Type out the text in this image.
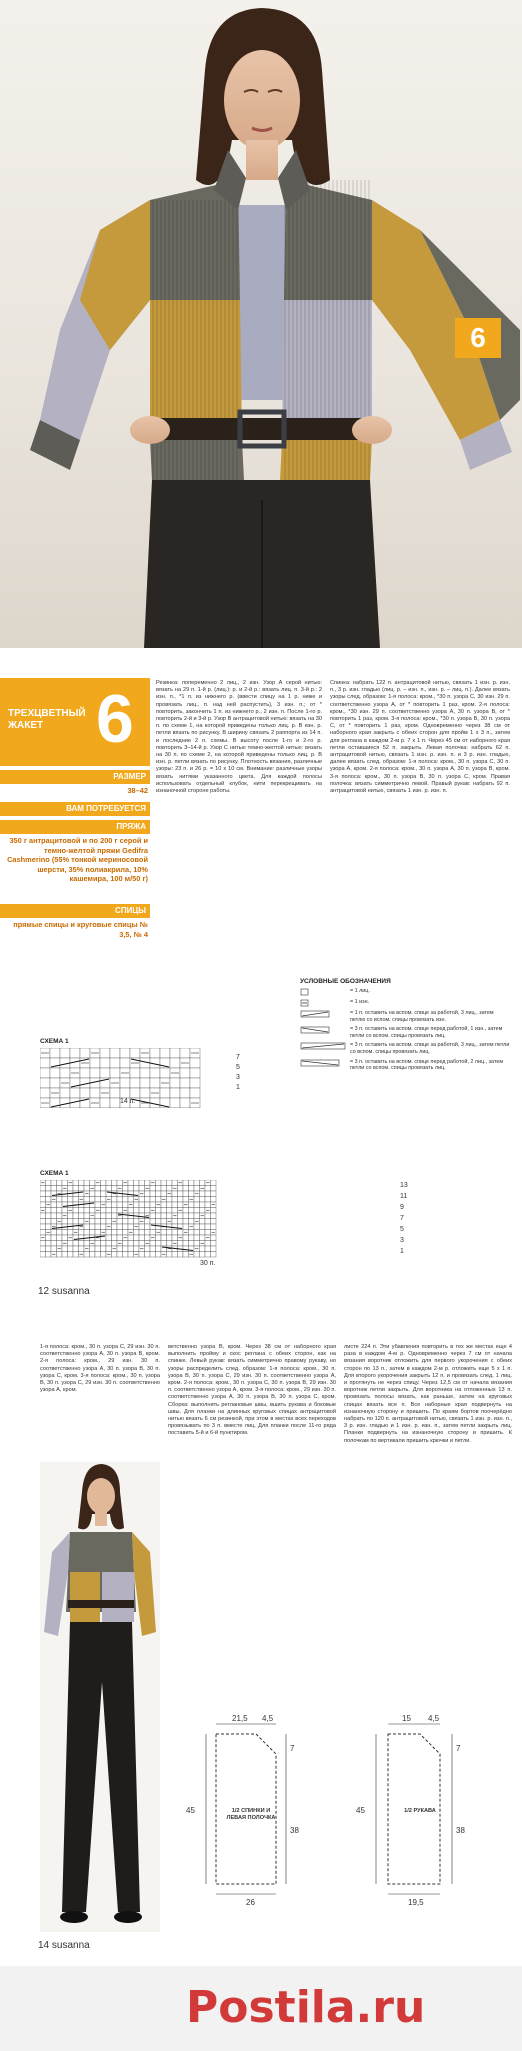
6
ТРЕХЦВЕТНЫЙ ЖАКЕТ 6
РАЗМЕР
38–42
ВАМ ПОТРЕБУЕТСЯ
ПРЯЖА
350 г антрацитовой и по 200 г серой и темно-желтой пряжи Gedifra Cashmerino (55% тонкой мериносовой шерсти, 35% полиакрила, 10% кашемира, 100 м/50 г)
СПИЦЫ
прямые спицы и круговые спицы № 3,5, № 4
Резинка: попеременно 2 лиц., 2 изн. Узор А серой нитью: вязать на 29 п. 1-й р. (лиц.): р. и 2-й р.: вязать лиц. п. 3-й р.: 2 изн. п., *1 п. из нижнего р. (ввести спицу на 1 р. ниже и провязать лиц., п. над ней распустить), 3 изн. п.; от * повторить, закончить 1 п. из нижнего р., 2 изн. п. После 1-го р. повторить 2-й и 3-й р. Узор В антрацитовой нитью: вязать на 30 п. по схеме 1, на которой приведены только лиц. р. В изн. р. петли вязать по рисунку. В ширину связать 2 раппорта из 14 п. и последние 2 п. схемы. В высоту после 1-го и 2-го р. повторить 3–14-й р. Узор С нитью темно-желтой нитью: вязать на 30 п. по схеме 2, на которой приведены только лиц. р. В изн. р. петли вязать по рисунку. Плотность вязания, различные узоры: 23 п. и 26 р. = 10 х 10 см. Внимание: различные узоры вязать нитями указанного цвета. Для каждой полосы использовать отдельный клубок, нити перекрещивать на изнаночной стороне работы.
Спинка: набрать 122 п. антрацитовой нитью, связать 1 изн. р. изн. п., 3 р. изн. гладью (лиц. р. – изн. п., изн. р. – лиц. п.). Далее вязать узоры след. образом: 1-я полоса: кром., *30 п. узора С, 30 изн. 29 п. соответственно узора А, от * повторить 1 раз, кром. 2-я полоса: кром., *30 изн. 29 п. соответственно узора А, 30 п. узора В, от * повторить 1 раз, кром. 3-я полоса: кром., *30 п. узора В, 30 п. узора С, от * повторить 1 раз, кром. Одновременно через 38 см от наборного края закрыть с обеих сторон для пройм 1 х 3 п., затем для реглана в каждом 2-м р. 7 х 1 п. Через 45 см от наборного края петли оставшиеся 52 п. закрыть. Левая полочка: набрать 62 п. антрацитовой нитью, связать 1 изн. р. изн. п. и 3 р. изн. гладью, далее вязать след. образом: 1-я полоса: кром., 30 п. узора С, 30 п. узора А, кром. 2-я полоса: кром., 30 п. узора А, 30 п. узора В, кром. 3-я полоса: кром., 30 п. узора В, 30 п. узора С, кром. Правая полочка: вязать симметрично левой. Правый рукав: набрать 92 п. антрацитовой нитью, связать 1 изн. р. изн. п.
УСЛОВНЫЕ ОБОЗНАЧЕНИЯ
= 1 лиц.
= 1 изн.
= 1 п. оставить на вспом. спице за работой, 3 лиц., затем петлю со вспом. спицы провязать изн.
= 3 п. оставить на вспом. спице перед работой, 1 изн., затем петли со вспом. спицы провязать лиц.
= 3 п. оставить на вспом. спице за работой, 3 лиц., затем петли со вспом. спицы провязать лиц.
= 3 п. оставить на вспом. спице перед работой, 2 лиц., затем петли со вспом. спицы провязать лиц.
СХЕМА 1
7
5
3
1
14 п.
СХЕМА 1
13
11
9
7
5
3
1
30 п.
12 susanna
1-я полоса: кром., 30 п. узора С, 29 изн. 30 п. соответственно узора А, 30 п. узора В, кром. 2-я полоса: кром., 29 изн. 30 п. соответственно узора А, 30 п. узора В, 30 п. узора С, кром. 3-я полоса: кром., 30 п. узора В, 30 п. узора С, 29 изн. 30 п. соответственно узора А, кром.
ветственно узора В, кром. Через 38 см от наборного края выполнить пройму и скос реглана с обеих сторон, как на спинке. Левый рукав: вязать симметрично правому рукаву, но узоры распределить след. образом: 1-я полоса: кром., 30 п. узора В, 30 п. узора С, 29 изн. 30 п. соответственно узора А, кром. 2-я полоса: кром., 30 п. узора С, 30 п. узора В, 29 изн. 30 п. соответственно узора А, кром. 3-я полоса: кром., 29 изн. 30 п. соответственно узора А, 30 п. узора В, 30 п. узора С, кром. Сборка: выполнить реглановые швы, вшить рукава и боковые швы. Для планки на длинных круговых спицах антрацитовой нитью вязать 6 см резинкой, при этом в местах всех переходов провязывать по 3 п. вместе лиц. Для планки после 11-го ряда поставить 5-й и 6-й пунктиром.
листе 224 п. Эти убавления повторить в тех же местах еще 4 раза в каждом 4-м р. Одновременно через 7 см от начала вязания воротник отложить для первого укорочения с обеих сторон по 13 п., затем в каждом 2-м р. отложить еще 5 х 1 п. Для второго укорочения закрыть 12 п. и провязать след. 1 лиц. и протянуть не через спицу. Через 12,5 см от начала вязания воротник петли закрыть. Для воротника на отложенных 13 п. провязать полосы вязать, как раньше, затем на круговых спицах вязать все п. Все наборные края подвернуть на изнаночную сторону и пришить. По краям бортов поочерёдно набрать по 120 п. антрацитовой нитью, связать 1 изн. р. изн. п., 3 р. изн. гладью и 1 изн. р. изн. п., затем петли закрыть лиц. Планки подвернуть на изнаночную сторону и пришить. К полочкам по вертикали пришить крючки и петли.
21,5 4,5
7
45
38
26
1/2 СПИНКИ И ЛЕВАЯ ПОЛОЧКА
15 4,5
7
45
38
19,5
1/2 РУКАВА
14 susanna
Postila.ru
